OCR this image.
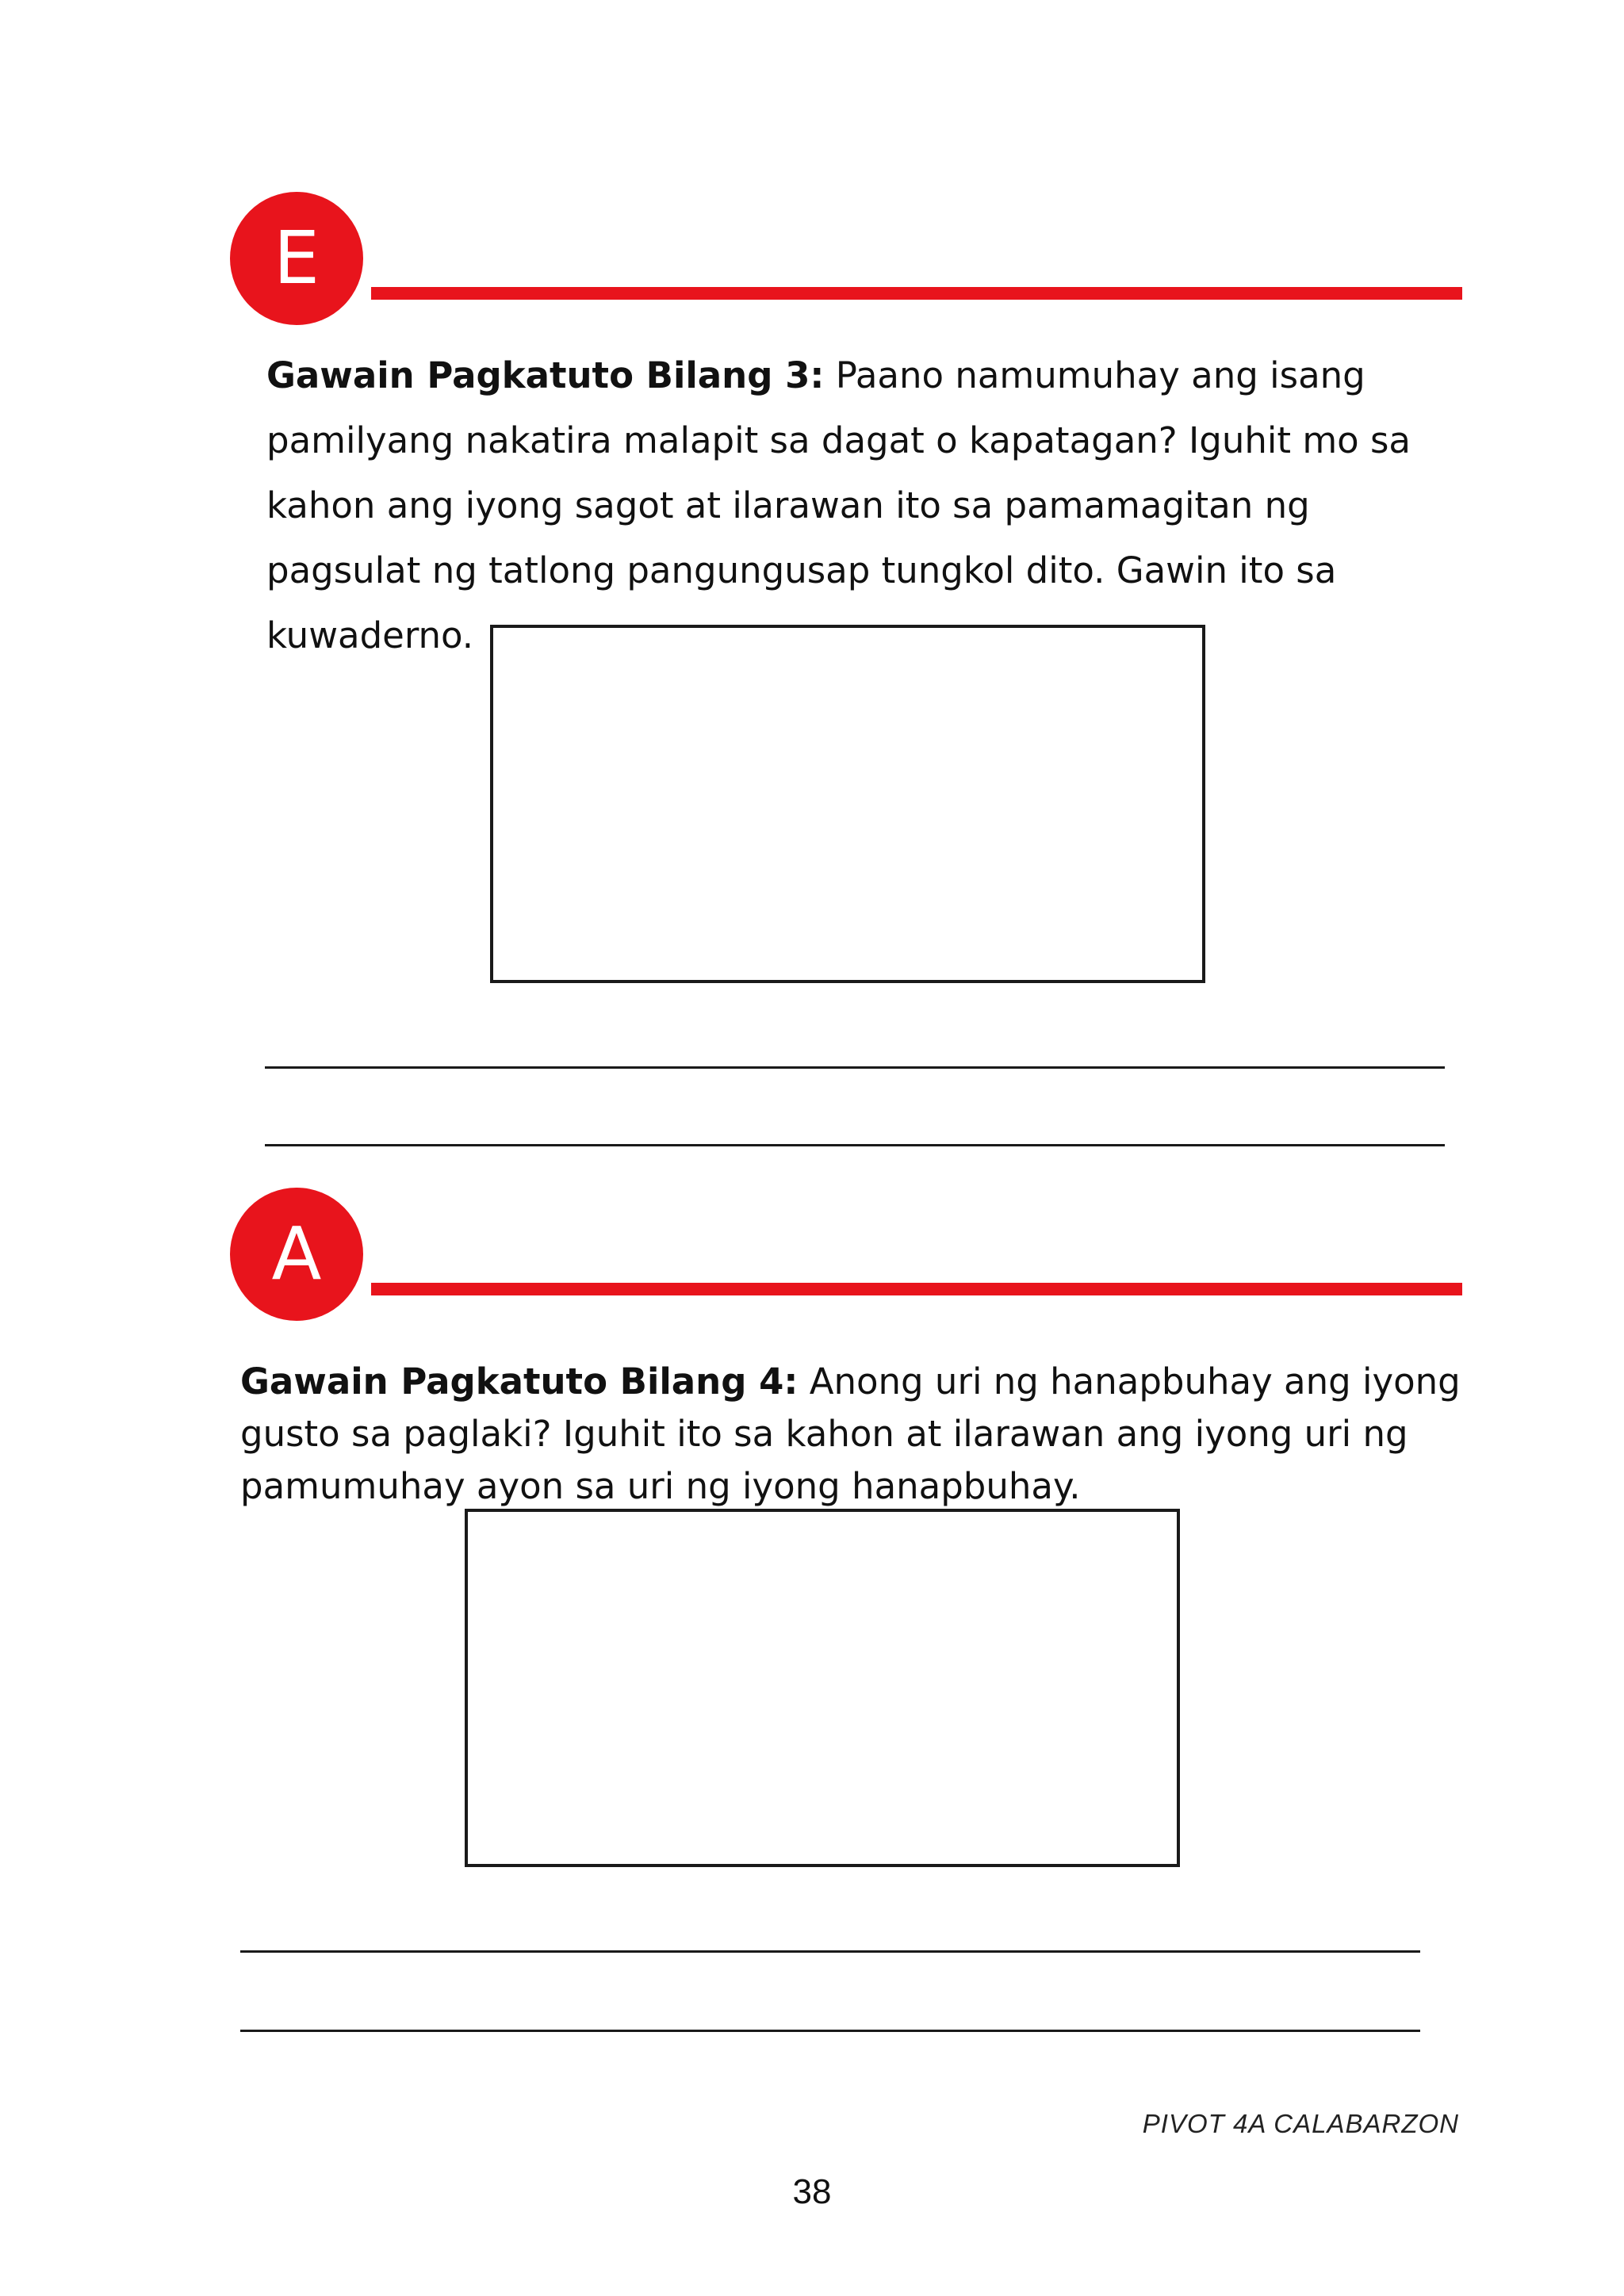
E
Gawain Pagkatuto Bilang 3: Paano namumuhay ang isang
pamilyang nakatira malapit sa dagat o kapatagan? Iguhit mo sa
kahon ang iyong sagot at ilarawan ito sa pamamagitan ng
pagsulat ng tatlong pangungusap tungkol dito. Gawin ito sa
kuwaderno.
A
Gawain Pagkatuto Bilang 4: Anong uri ng hanapbuhay ang iyong
gusto sa paglaki? Iguhit ito sa kahon at ilarawan ang iyong uri ng
pamumuhay ayon sa uri ng iyong hanapbuhay.
PIVOT 4A CALABARZON
38
